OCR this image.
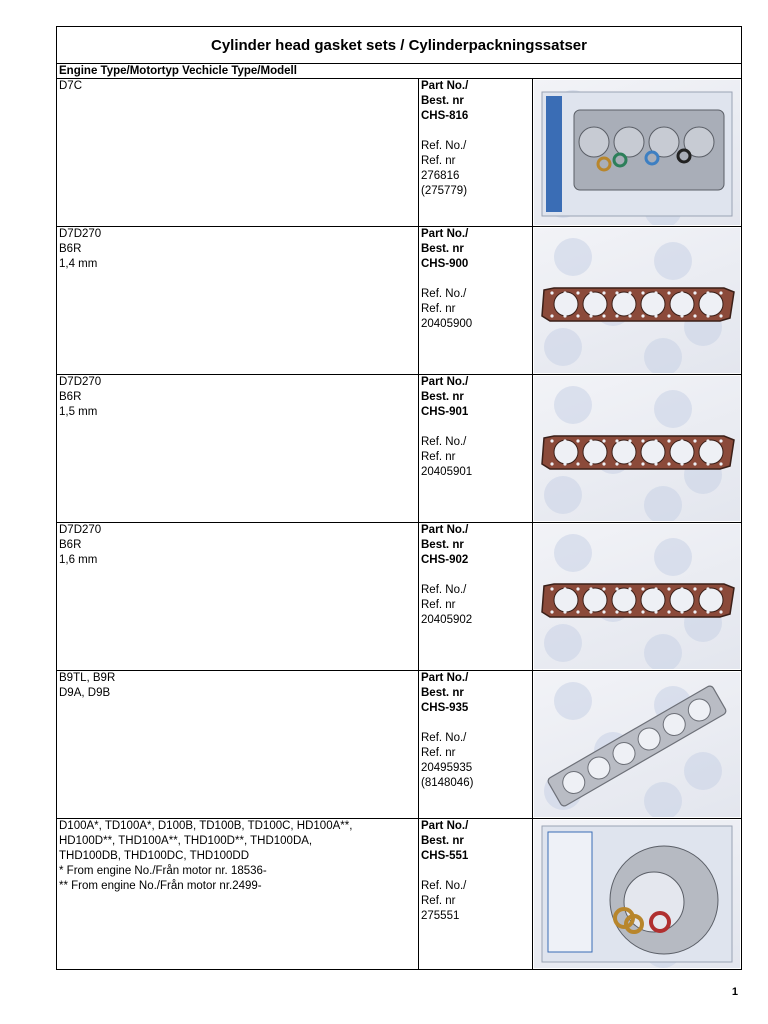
Cylinder head gasket sets / Cylinderpackningssatser
Engine Type/Motortyp Vechicle Type/Modell
D7C	Part No./
Best. nr
CHS-816
Ref. No./
Ref. nr
276816
(275779)
D7D270
B6R
1,4 mm
Part No./
Best. nr
CHS-900
Ref. No./
Ref. nr
20405900
D7D270
B6R
1,5 mm
Part No./
Best. nr
CHS-901
Ref. No./
Ref. nr
20405901
D7D270
B6R
1,6 mm
Part No./
Best. nr
CHS-902
Ref. No./
Ref. nr
20405902
B9TL, B9R
D9A, D9B
Part No./
Best. nr
CHS-935
Ref. No./
Ref. nr
20495935
(8148046)
D100A*, TD100A*, D100B, TD100B, TD100C, HD100A**,
HD100D**, THD100A**, THD100D**, THD100DA,
THD100DB, THD100DC, THD100DD
* From engine No./Från motor nr. 18536-
** From engine No./Från motor nr.2499-
Part No./
Best. nr
CHS-551
Ref. No./
Ref. nr
275551
1
